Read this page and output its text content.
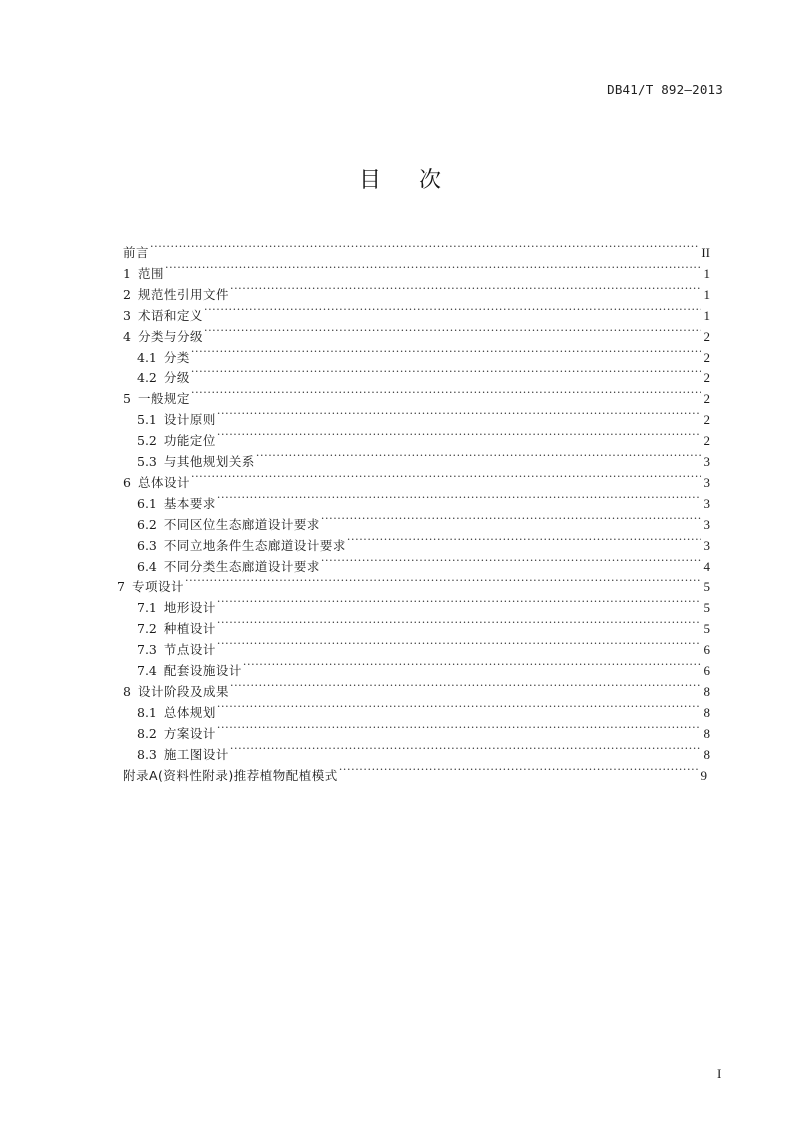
DB41/T 892—2013
目 次
前言 ·····	II
1 范围 ·····	1
2 规范性引用文件 ·····	1
3 术语和定义 ·····	1
4 分类与分级 ·····	2
4.1 分类 ·····	2
4.2 分级 ·····	2
5 一般规定 ·····	2
5.1 设计原则 ·····	2
5.2 功能定位 ·····	2
5.3 与其他规划关系 ·····	3
6 总体设计 ·····	3
6.1 基本要求 ·····	3
6.2 不同区位生态廊道设计要求 ·····	3
6.3 不同立地条件生态廊道设计要求 ·····	3
6.4 不同分类生态廊道设计要求 ·····	4
7 专项设计 ·····	5
7.1 地形设计 ·····	5
7.2 种植设计 ·····	5
7.3 节点设计 ·····	6
7.4 配套设施设计 ·····	6
8 设计阶段及成果 ·····	8
8.1 总体规划 ·····	8
8.2 方案设计 ·····	8
8.3 施工图设计 ·····	8
附录A(资料性附录)推荐植物配植模式 ·····	9
I
